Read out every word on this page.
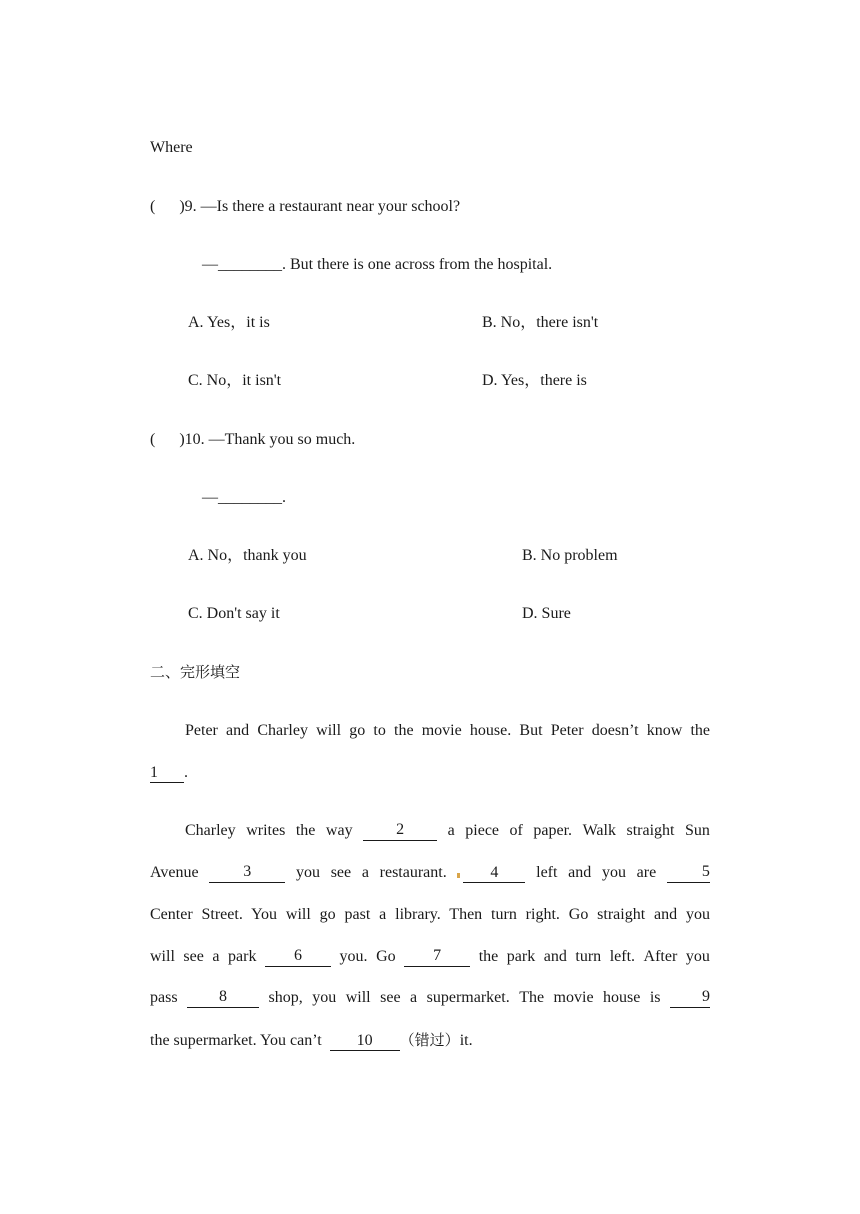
Where
(      )9. —Is there a restaurant near your school?
—________. But there is one across from the hospital.
A. Yes，it is	B. No，there isn't
C. No，it isn't	D. Yes，there is
(      )10. —Thank you so much.
—________.
A. No，thank you	B. No problem
C. Don't say it	D. Sure
二、完形填空
Peter and Charley will go to the movie house. But Peter doesn’t know the
1 .
Charley writes the way	2	a piece of paper. Walk straight Sun
Avenue	3	you see a restaurant.	4	left and you are	5
Center Street. You will go past a library. Then turn right. Go straight and you
will see a park	6	you. Go	7	the park and turn left. After you
pass	8	shop, you will see a supermarket. The movie house is	9
the supermarket. You can’t 10 （错过）it.
